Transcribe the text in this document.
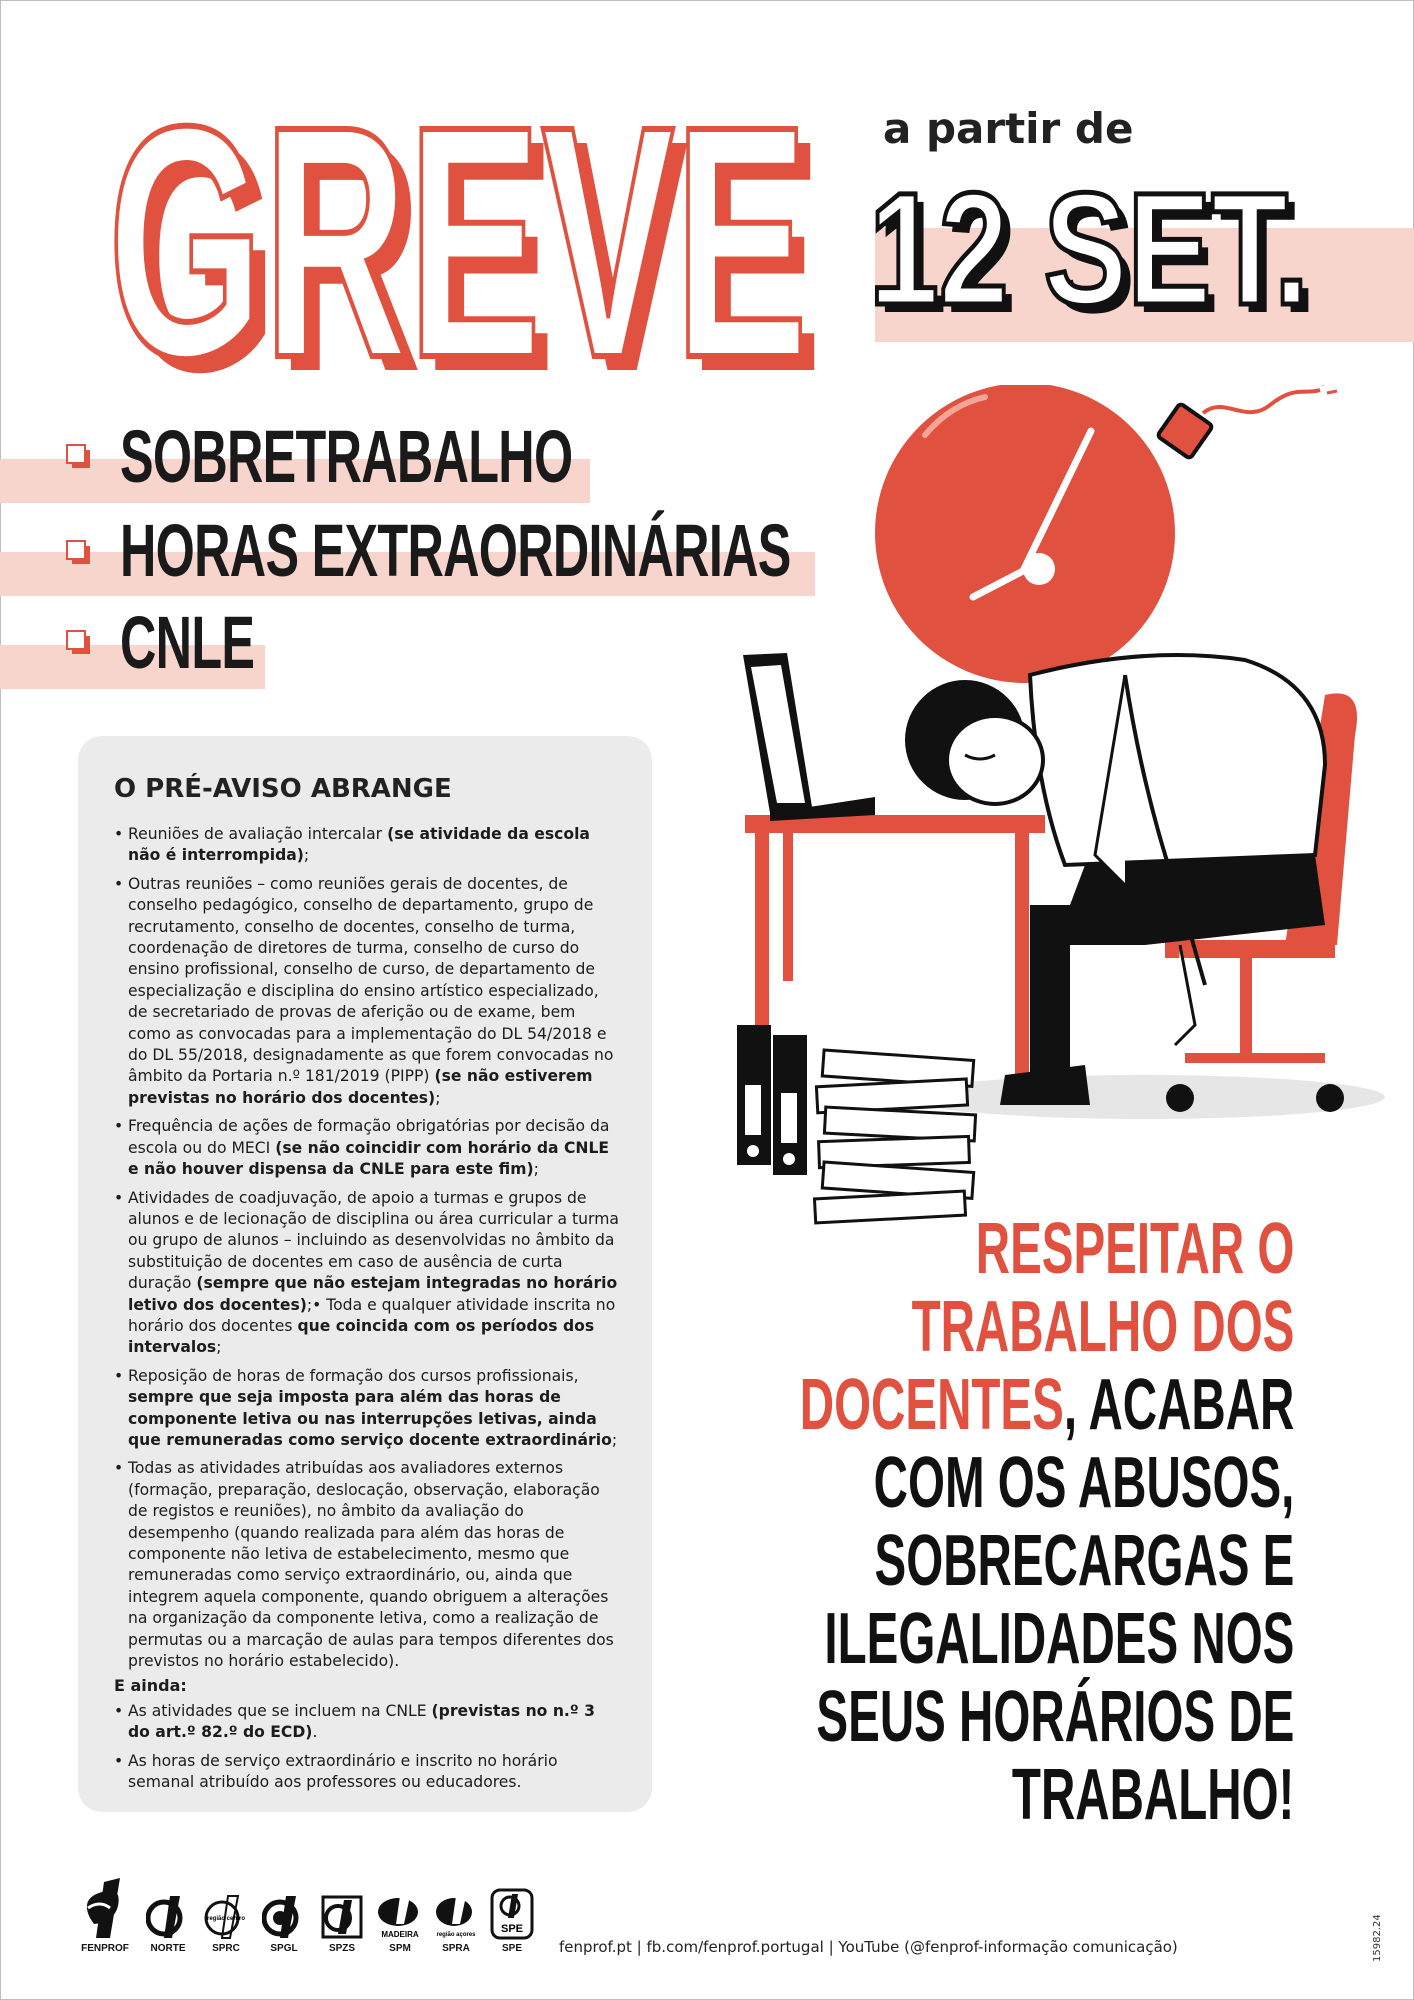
GREVE
GREVE a partir de
12 SET.
12 SET.
SOBRETRABALHO
HORAS EXTRAORDINÁRIAS
CNLE
O PRÉ-AVISO ABRANGE
• Reuniões de avaliação intercalar (se atividade da escola não é interrompida);
• Outras reuniões – como reuniões gerais de docentes, de conselho pedagógico, conselho de departamento, grupo de recrutamento, conselho de docentes, conselho de turma, coordenação de diretores de turma, conselho de curso do ensino profissional, conselho de curso, de departamento de especialização e disciplina do ensino artístico especializado, de secretariado de provas de aferição ou de exame, bem como as convocadas para a implementação do DL 54/2018 e do DL 55/2018, designadamente as que forem convocadas no âmbito da Portaria n.º 181/2019 (PIPP) (se não estiverem previstas no horário dos docentes);
• Frequência de ações de formação obrigatórias por decisão da escola ou do MECI (se não coincidir com horário da CNLE e não houver dispensa da CNLE para este fim);
• Atividades de coadjuvação, de apoio a turmas e grupos de alunos e de lecionação de disciplina ou área curricular a turma ou grupo de alunos – incluindo as desenvolvidas no âmbito da substituição de docentes em caso de ausência de curta duração (sempre que não estejam integradas no horário letivo dos docentes);• Toda e qualquer atividade inscrita no horário dos docentes que coincida com os períodos dos intervalos;
• Reposição de horas de formação dos cursos profissionais, sempre que seja imposta para além das horas de componente letiva ou nas interrupções letivas, ainda que remuneradas como serviço docente extraordinário;
• Todas as atividades atribuídas aos avaliadores externos (formação, preparação, deslocação, observação, elaboração de registos e reuniões), no âmbito da avaliação do desempenho (quando realizada para além das horas de componente não letiva de estabelecimento, mesmo que remuneradas como serviço extraordinário, ou, ainda que integrem aquela componente, quando obriguem a alterações na organização da componente letiva, como a realização de permutas ou a marcação de aulas para tempos diferentes dos previstos no horário estabelecido).
E ainda:
• As atividades que se incluem na CNLE (previstas no n.º 3 do art.º 82.º do ECD).
• As horas de serviço extraordinário e inscrito no horário semanal atribuído aos professores ou educadores.
RESPEITAR O
TRABALHO DOS
DOCENTES, ACABAR
COM OS ABUSOS,
SOBRECARGAS E
ILEGALIDADES NOS
SEUS HORÁRIOS DE
TRABALHO!
FENPROF	NORTE
região centro
SPRC	SPGL	SPZS
MADEIRA
SPM
região açores
SPRA
SPE
SPE	fenprof.pt | fb.com/fenprof.portugal | YouTube (@fenprof-informação comunicação)	15982.24
